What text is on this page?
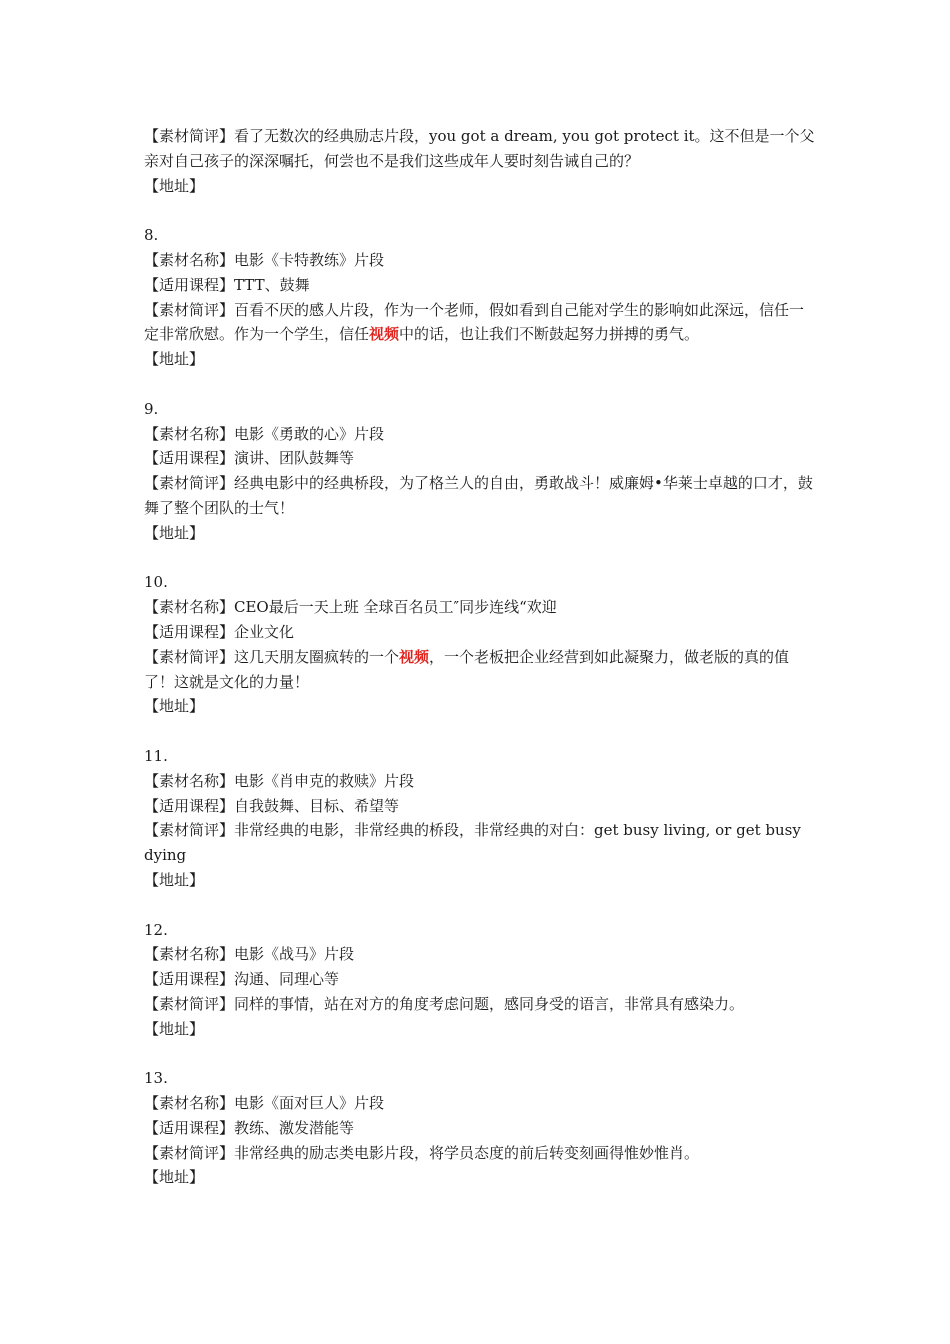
【素材简评】看了无数次的经典励志片段，you got a dream, you got protect it。这不但是一个父亲对自己孩子的深深嘱托，何尝也不是我们这些成年人要时刻告诫自己的？
【地址】
8.
【素材名称】电影《卡特教练》片段
【适用课程】TTT、鼓舞
【素材简评】百看不厌的感人片段，作为一个老师，假如看到自己能对学生的影响如此深远，信任一定非常欣慰。作为一个学生，信任视频中的话，也让我们不断鼓起努力拼搏的勇气。
【地址】
9.
【素材名称】电影《勇敢的心》片段
【适用课程】演讲、团队鼓舞等
【素材简评】经典电影中的经典桥段，为了格兰人的自由，勇敢战斗！威廉姆•华莱士卓越的口才，鼓舞了整个团队的士气！
【地址】
10.
【素材名称】CEO最后一天上班 全球百名员工″同步连线“欢迎
【适用课程】企业文化
【素材简评】这几天朋友圈疯转的一个视频，一个老板把企业经营到如此凝聚力，做老版的真的值了！这就是文化的力量！
【地址】
11.
【素材名称】电影《肖申克的救赎》片段
【适用课程】自我鼓舞、目标、希望等
【素材简评】非常经典的电影，非常经典的桥段，非常经典的对白：get busy living, or get busy dying
【地址】
12.
【素材名称】电影《战马》片段
【适用课程】沟通、同理心等
【素材简评】同样的事情，站在对方的角度考虑问题，感同身受的语言，非常具有感染力。
【地址】
13.
【素材名称】电影《面对巨人》片段
【适用课程】教练、激发潜能等
【素材简评】非常经典的励志类电影片段，将学员态度的前后转变刻画得惟妙惟肖。
【地址】
